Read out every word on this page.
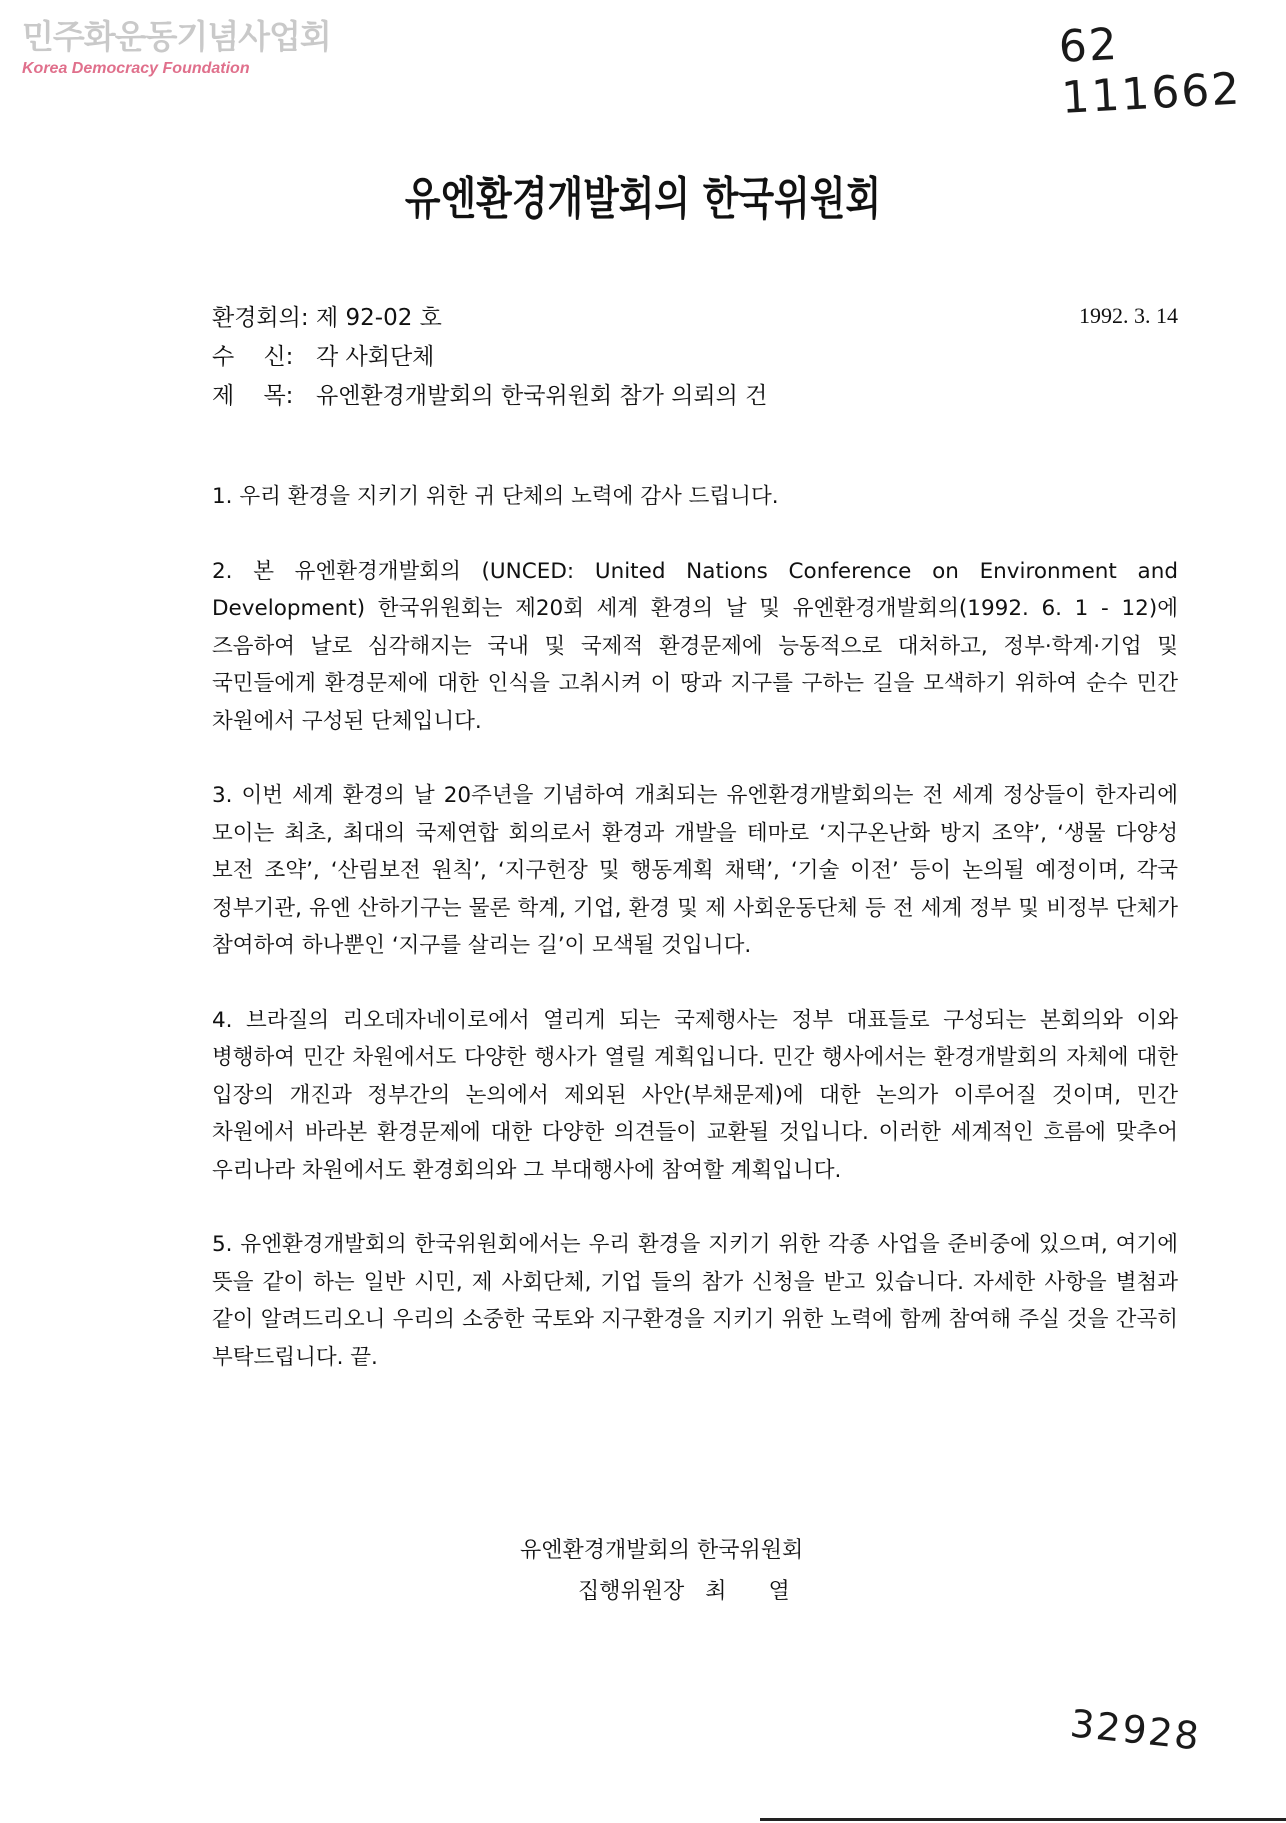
민주화운동기념사업회
Korea Democracy Foundation	62 111662
유엔환경개발회의 한국위원회
환경회의: 제 92-02 호	1992. 3. 14
수    신: 각 사회단체
제    목: 유엔환경개발회의 한국위원회 참가 의뢰의 건

1. 우리 환경을 지키기 위한 귀 단체의 노력에 감사 드립니다.

2. 본 유엔환경개발회의 (UNCED: United Nations Conference on Environment and Development) 한국위원회는 제20회 세계 환경의 날 및 유엔환경개발회의(1992. 6. 1 - 12)에 즈음하여 날로 심각해지는 국내 및 국제적 환경문제에 능동적으로 대처하고, 정부·학계·기업 및 국민들에게 환경문제에 대한 인식을 고취시켜 이 땅과 지구를 구하는 길을 모색하기 위하여 순수 민간 차원에서 구성된 단체입니다.

3. 이번 세계 환경의 날 20주년을 기념하여 개최되는 유엔환경개발회의는 전 세계 정상들이 한자리에 모이는 최초, 최대의 국제연합 회의로서 환경과 개발을 테마로 ‘지구온난화 방지 조약’, ‘생물 다양성 보전 조약’, ‘산림보전 원칙’, ‘지구헌장 및 행동계획 채택’, ‘기술 이전’ 등이 논의될 예정이며, 각국 정부기관, 유엔 산하기구는 물론 학계, 기업, 환경 및 제 사회운동단체 등 전 세계 정부 및 비정부 단체가 참여하여 하나뿐인 ‘지구를 살리는 길’이 모색될 것입니다.

4. 브라질의 리오데자네이로에서 열리게 되는 국제행사는 정부 대표들로 구성되는 본회의와 이와 병행하여 민간 차원에서도 다양한 행사가 열릴 계획입니다. 민간 행사에서는 환경개발회의 자체에 대한 입장의 개진과 정부간의 논의에서 제외된 사안(부채문제)에 대한 논의가 이루어질 것이며, 민간 차원에서 바라본 환경문제에 대한 다양한 의견들이 교환될 것입니다. 이러한 세계적인 흐름에 맞추어 우리나라 차원에서도 환경회의와 그 부대행사에 참여할 계획입니다.

5. 유엔환경개발회의 한국위원회에서는 우리 환경을 지키기 위한 각종 사업을 준비중에 있으며, 여기에 뜻을 같이 하는 일반 시민, 제 사회단체, 기업 들의 참가 신청을 받고 있습니다. 자세한 사항을 별첨과 같이 알려드리오니 우리의 소중한 국토와 지구환경을 지키기 위한 노력에 함께 참여해 주실 것을 간곡히 부탁드립니다. 끝.

유엔환경개발회의 한국위원회
집행위원장   최      열
32928
